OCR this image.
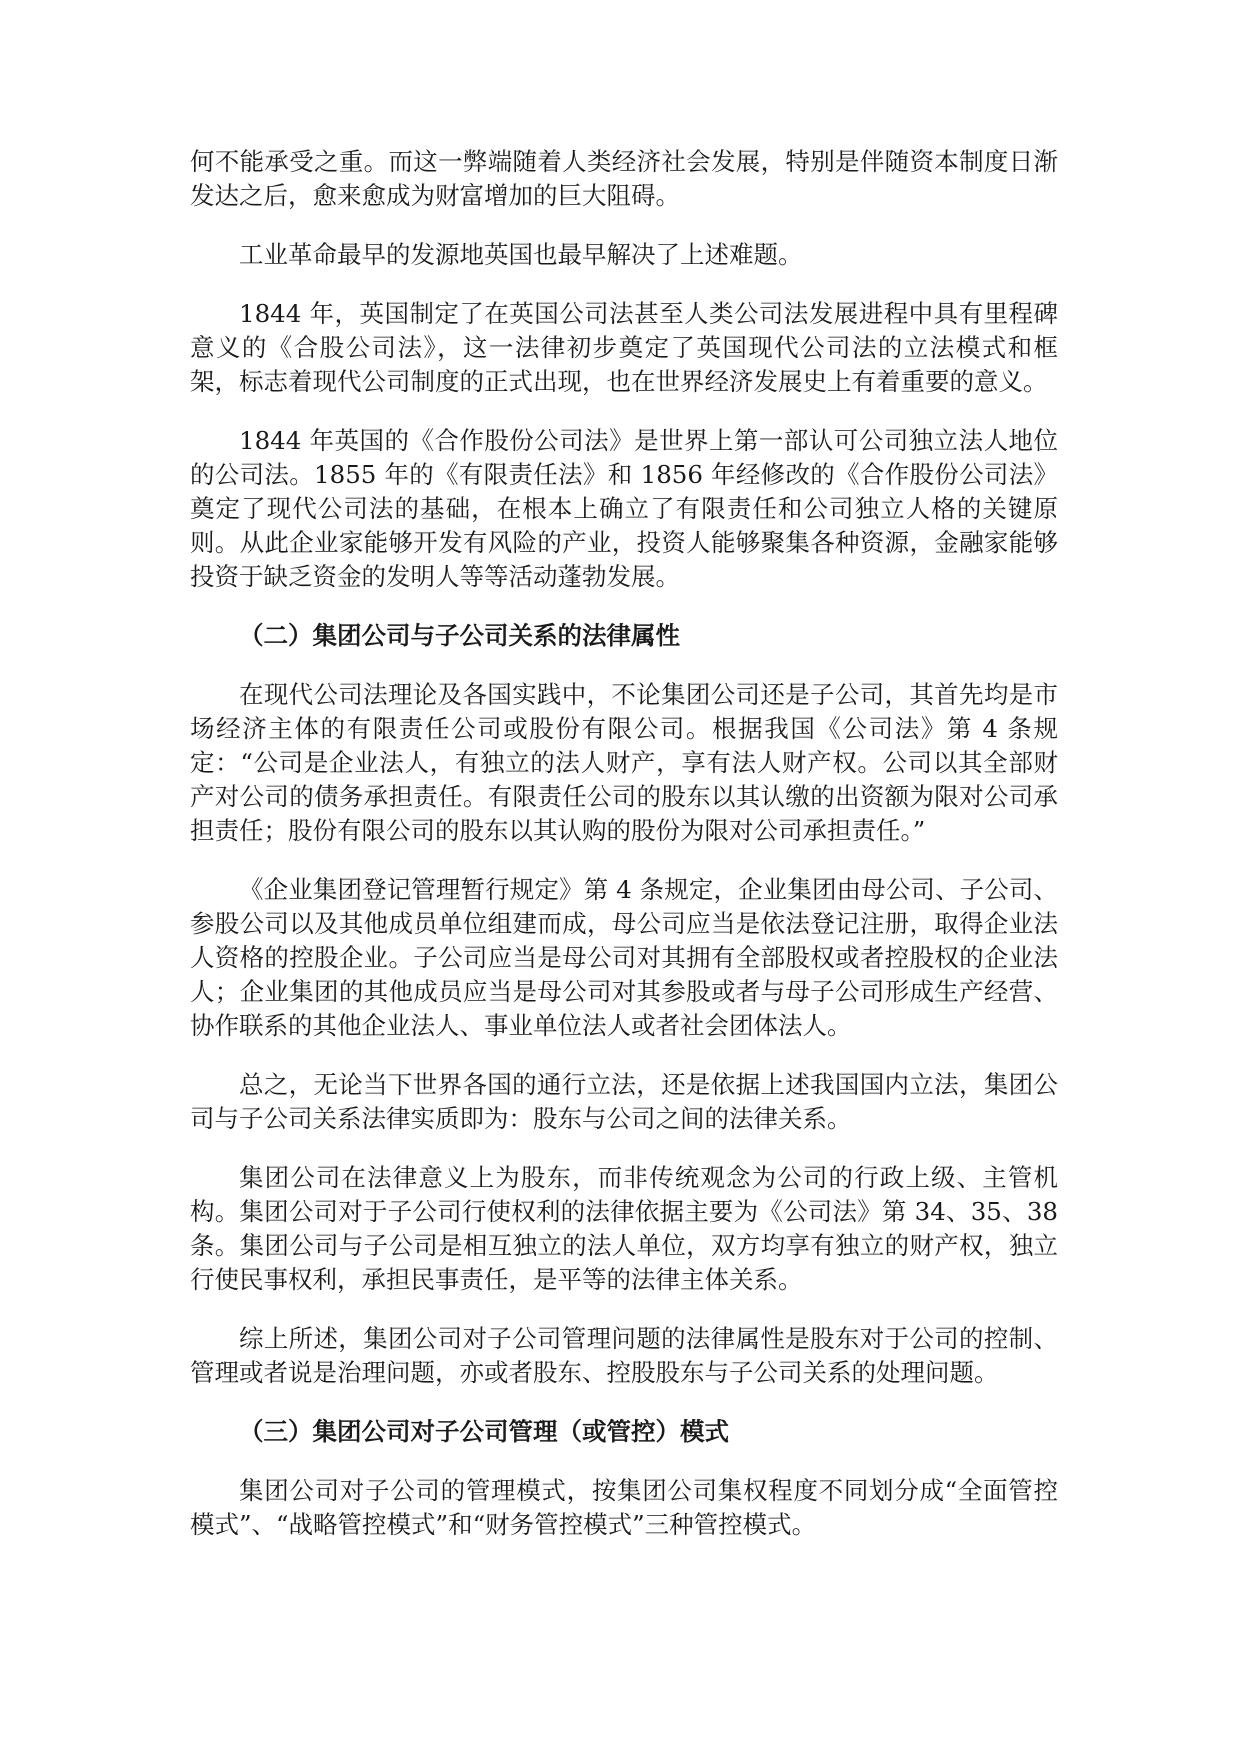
何不能承受之重。而这一弊端随着人类经济社会发展，特别是伴随资本制度日渐发达之后，愈来愈成为财富增加的巨大阻碍。

工业革命最早的发源地英国也最早解决了上述难题。

1844 年，英国制定了在英国公司法甚至人类公司法发展进程中具有里程碑意义的《合股公司法》，这一法律初步奠定了英国现代公司法的立法模式和框架，标志着现代公司制度的正式出现，也在世界经济发展史上有着重要的意义。

1844 年英国的《合作股份公司法》是世界上第一部认可公司独立法人地位的公司法。1855 年的《有限责任法》和 1856 年经修改的《合作股份公司法》奠定了现代公司法的基础，在根本上确立了有限责任和公司独立人格的关键原则。从此企业家能够开发有风险的产业，投资人能够聚集各种资源，金融家能够投资于缺乏资金的发明人等等活动蓬勃发展。

（二）集团公司与子公司关系的法律属性

在现代公司法理论及各国实践中，不论集团公司还是子公司，其首先均是市场经济主体的有限责任公司或股份有限公司。根据我国《公司法》第 4 条规定：“公司是企业法人，有独立的法人财产，享有法人财产权。公司以其全部财产对公司的债务承担责任。有限责任公司的股东以其认缴的出资额为限对公司承担责任；股份有限公司的股东以其认购的股份为限对公司承担责任。”

《企业集团登记管理暂行规定》第 4 条规定，企业集团由母公司、子公司、参股公司以及其他成员单位组建而成，母公司应当是依法登记注册，取得企业法人资格的控股企业。子公司应当是母公司对其拥有全部股权或者控股权的企业法人；企业集团的其他成员应当是母公司对其参股或者与母子公司形成生产经营、协作联系的其他企业法人、事业单位法人或者社会团体法人。

总之，无论当下世界各国的通行立法，还是依据上述我国国内立法，集团公司与子公司关系法律实质即为：股东与公司之间的法律关系。

集团公司在法律意义上为股东，而非传统观念为公司的行政上级、主管机构。集团公司对于子公司行使权利的法律依据主要为《公司法》第 34、35、38 条。集团公司与子公司是相互独立的法人单位，双方均享有独立的财产权，独立行使民事权利，承担民事责任，是平等的法律主体关系。

综上所述，集团公司对子公司管理问题的法律属性是股东对于公司的控制、管理或者说是治理问题，亦或者股东、控股股东与子公司关系的处理问题。

（三）集团公司对子公司管理（或管控）模式

集团公司对子公司的管理模式，按集团公司集权程度不同划分成“全面管控模式”、“战略管控模式”和“财务管控模式”三种管控模式。
